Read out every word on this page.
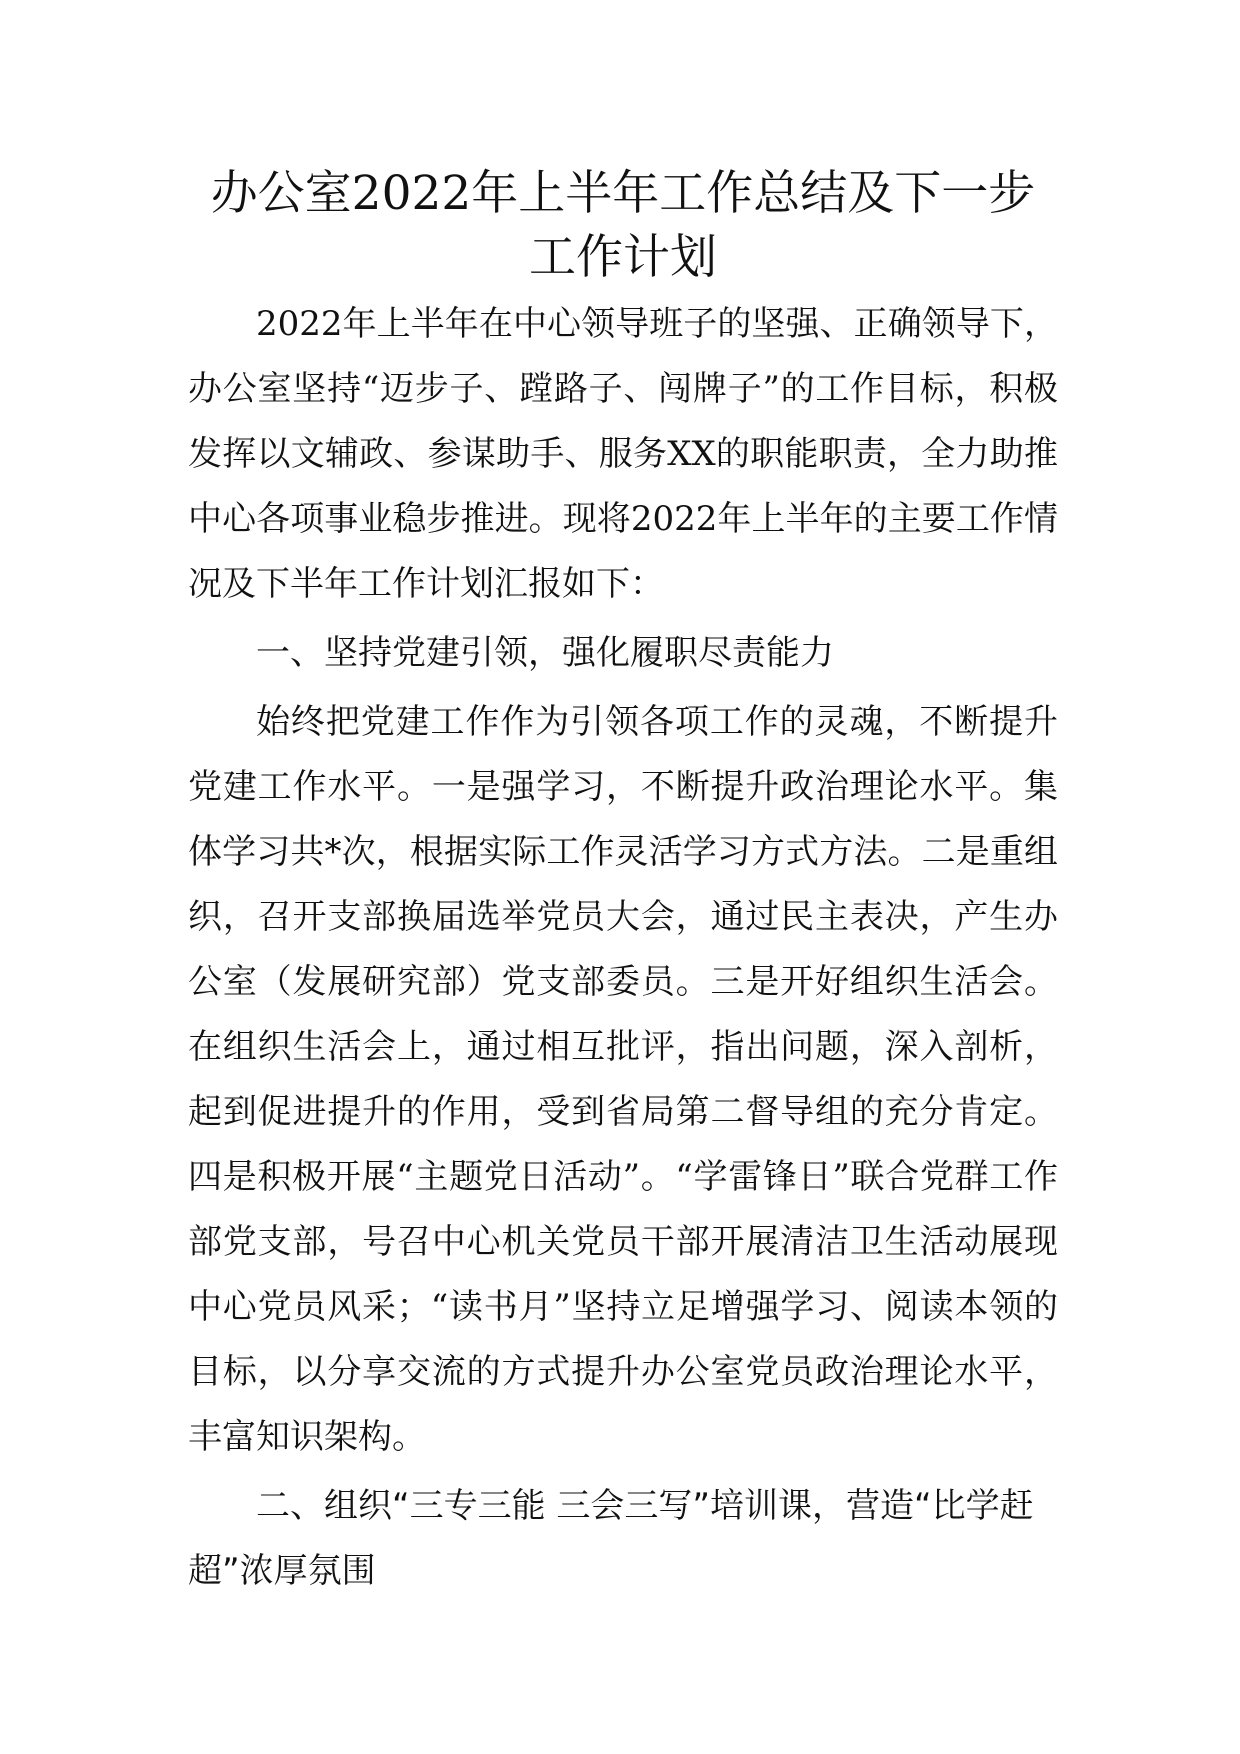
办公室2022年上半年工作总结及下一步工作计划

2022年上半年在中心领导班子的坚强、正确领导下，办公室坚持“迈步子、蹚路子、闯牌子”的工作目标，积极发挥以文辅政、参谋助手、服务XX的职能职责，全力助推中心各项事业稳步推进。现将2022年上半年的主要工作情况及下半年工作计划汇报如下：

一、坚持党建引领，强化履职尽责能力

始终把党建工作作为引领各项工作的灵魂，不断提升党建工作水平。一是强学习，不断提升政治理论水平。集体学习共*次，根据实际工作灵活学习方式方法。二是重组织，召开支部换届选举党员大会，通过民主表决，产生办公室（发展研究部）党支部委员。三是开好组织生活会。在组织生活会上，通过相互批评，指出问题，深入剖析，起到促进提升的作用，受到省局第二督导组的充分肯定。四是积极开展“主题党日活动”。“学雷锋日”联合党群工作部党支部，号召中心机关党员干部开展清洁卫生活动展现中心党员风采；“读书月”坚持立足增强学习、阅读本领的目标，以分享交流的方式提升办公室党员政治理论水平，丰富知识架构。

二、组织“三专三能 三会三写”培训课，营造“比学赶超”浓厚氛围
